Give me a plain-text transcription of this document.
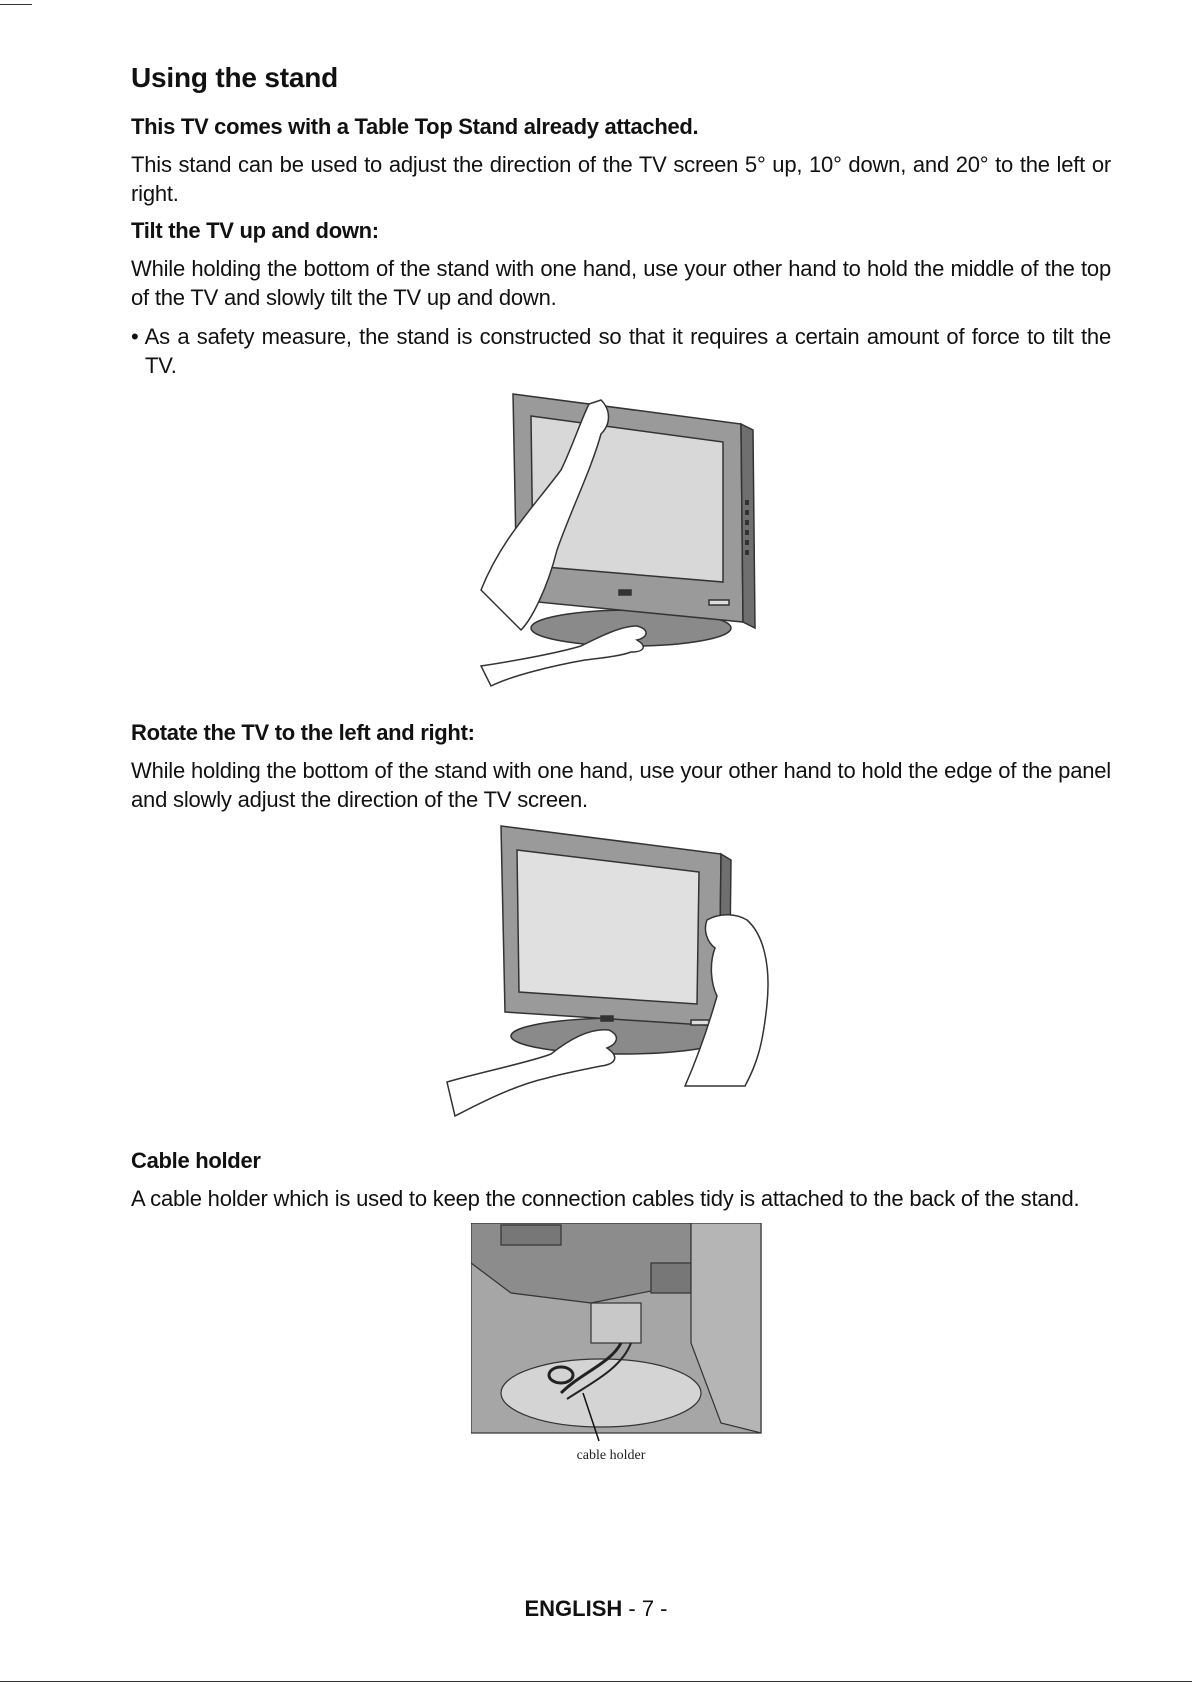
Using the stand
This TV comes with a Table Top Stand already attached.

This stand can be used to adjust the direction of the TV screen 5° up, 10° down, and 20° to the left or right.

Tilt the TV up and down:

While holding the bottom of the stand with one hand, use your other hand to hold the middle of the top of the TV and slowly tilt the TV up and down.

• As a safety measure, the stand is constructed so that it requires a certain amount of force to tilt the TV.

Rotate the TV to the left and right:

While holding the bottom of the stand with one hand, use your other hand to hold the edge of the panel and slowly adjust the direction of the TV screen.

Cable holder

A cable holder which is used to keep the connection cables tidy is attached to the back of the stand.

cable holder
ENGLISH - 7 -
